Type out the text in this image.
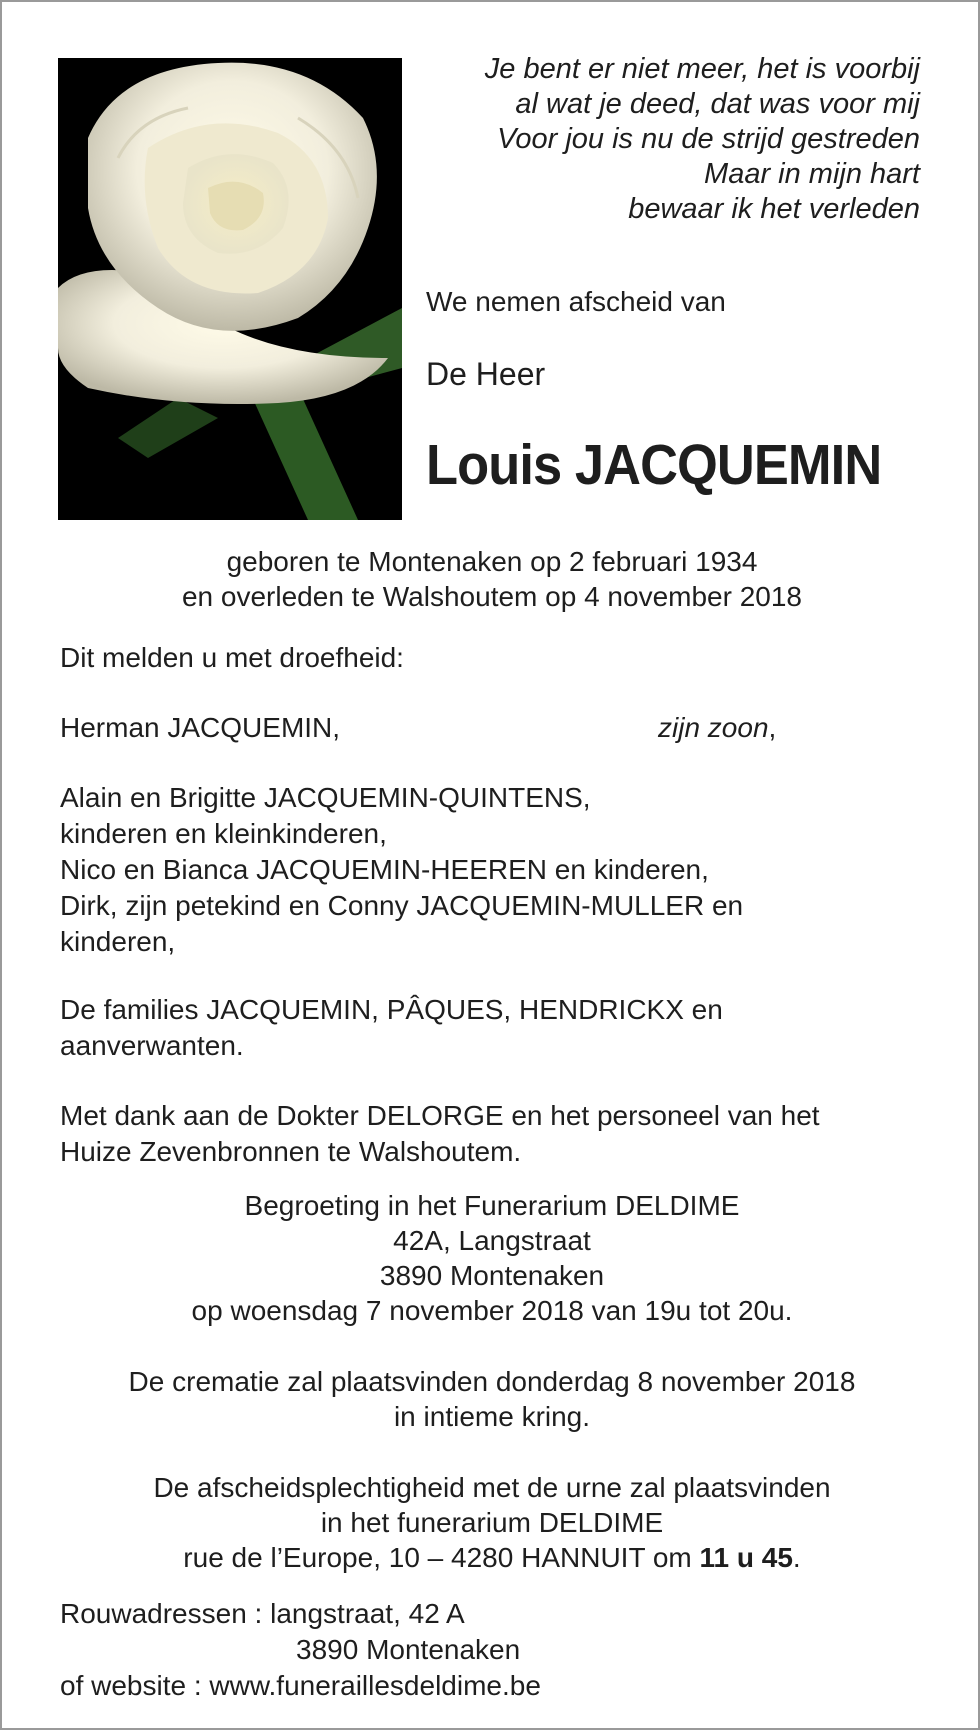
Je bent er niet meer, het is voorbij
al wat je deed, dat was voor mij
Voor jou is nu de strijd gestreden
Maar in mijn hart
bewaar ik het verleden
We nemen afscheid van
De Heer
Louis JACQUEMIN
geboren te Montenaken op 2 februari 1934
en overleden te Walshoutem op 4 november 2018
Dit melden u met droefheid:
Herman JACQUEMIN,	zijn zoon,
Alain en Brigitte JACQUEMIN-QUINTENS,
kinderen en kleinkinderen,
Nico en Bianca JACQUEMIN-HEEREN en kinderen,
Dirk, zijn petekind en Conny JACQUEMIN-MULLER en
kinderen,
De families JACQUEMIN, PÂQUES, HENDRICKX en
aanverwanten.
Met dank aan de Dokter DELORGE en het personeel van het
Huize Zevenbronnen te Walshoutem.
Begroeting in het Funerarium DELDIME
42A, Langstraat
3890 Montenaken
op woensdag 7 november 2018 van 19u tot 20u.
De crematie zal plaatsvinden donderdag 8 november 2018
in intieme kring.
De afscheidsplechtigheid met de urne zal plaatsvinden
in het funerarium DELDIME
rue de l’Europe, 10 – 4280 HANNUIT om 11 u 45.
Rouwadressen : langstraat, 42 A
3890 Montenaken
of website : www.funeraillesdeldime.be
